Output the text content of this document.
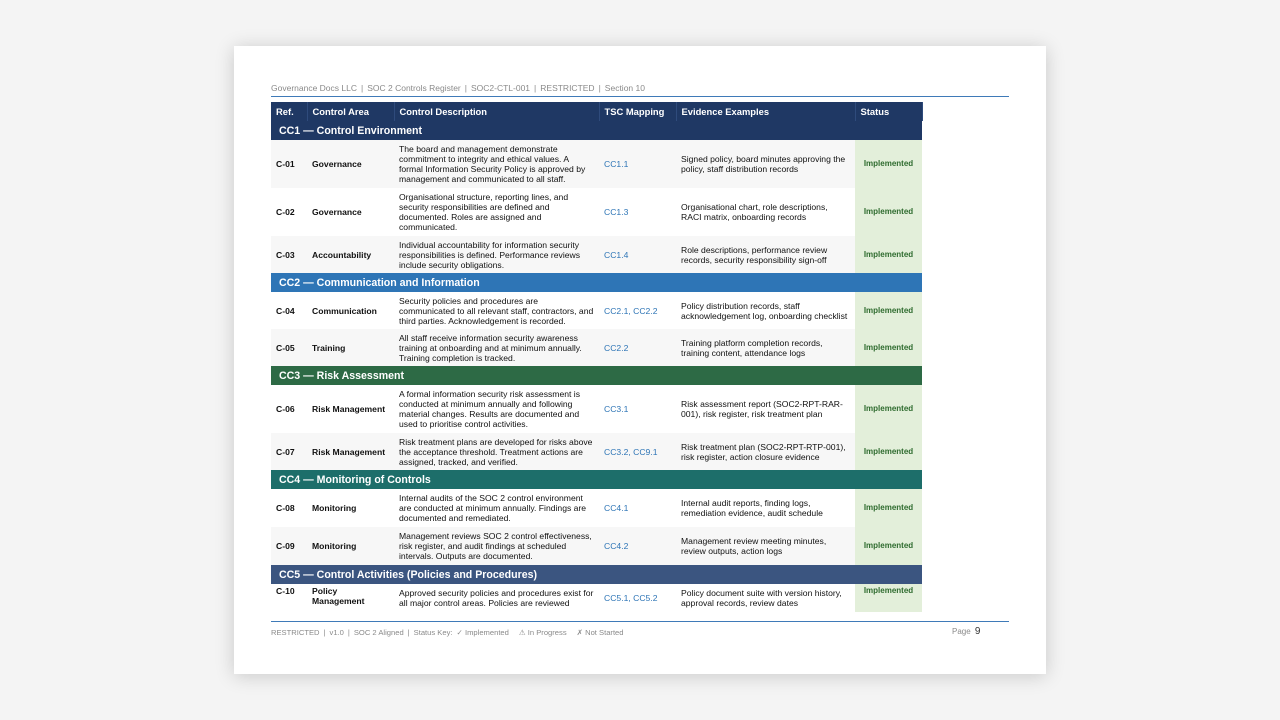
Governance Docs LLC | SOC 2 Controls Register | SOC2-CTL-001 | RESTRICTED | Section 10
Ref.	Control Area	Control Description	TSC Mapping	Evidence Examples	Status
CC1 — Control Environment					
C-01	Governance	The board and management demonstrate commitment to integrity and ethical values. A formal Information Security Policy is approved by management and communicated to all staff.	CC1.1	Signed policy, board minutes approving the policy, staff distribution records	Implemented
C-02	Governance	Organisational structure, reporting lines, and security responsibilities are defined and documented. Roles are assigned and communicated.	CC1.3	Organisational chart, role descriptions, RACI matrix, onboarding records	Implemented
C-03	Accountability	Individual accountability for information security responsibilities is defined. Performance reviews include security obligations.	CC1.4	Role descriptions, performance review records, security responsibility sign-off	Implemented
CC2 — Communication and Information					
C-04	Communication	Security policies and procedures are communicated to all relevant staff, contractors, and third parties. Acknowledgement is recorded.	CC2.1, CC2.2	Policy distribution records, staff acknowledgement log, onboarding checklist	Implemented
C-05	Training	All staff receive information security awareness training at onboarding and at minimum annually. Training completion is tracked.	CC2.2	Training platform completion records, training content, attendance logs	Implemented
CC3 — Risk Assessment					
C-06	Risk Management	A formal information security risk assessment is conducted at minimum annually and following material changes. Results are documented and used to prioritise control activities.	CC3.1	Risk assessment report (SOC2-RPT-RAR-001), risk register, risk treatment plan	Implemented
C-07	Risk Management	Risk treatment plans are developed for risks above the acceptance threshold. Treatment actions are assigned, tracked, and verified.	CC3.2, CC9.1	Risk treatment plan (SOC2-RPT-RTP-001), risk register, action closure evidence	Implemented
CC4 — Monitoring of Controls					
C-08	Monitoring	Internal audits of the SOC 2 control environment are conducted at minimum annually. Findings are documented and remediated.	CC4.1	Internal audit reports, finding logs, remediation evidence, audit schedule	Implemented
C-09	Monitoring	Management reviews SOC 2 control effectiveness, risk register, and audit findings at scheduled intervals. Outputs are documented.	CC4.2	Management review meeting minutes, review outputs, action logs	Implemented
CC5 — Control Activities (Policies and Procedures)					
C-10	Policy Management	Approved security policies and procedures exist for all major control areas. Policies are reviewed	CC5.1, CC5.2	Policy document suite with version history, approval records, review dates	Implemented
RESTRICTED | v1.0 | SOC 2 Aligned | Status Key: ✓ Implemented ⚠ In Progress ✗ Not Started	Page 9
